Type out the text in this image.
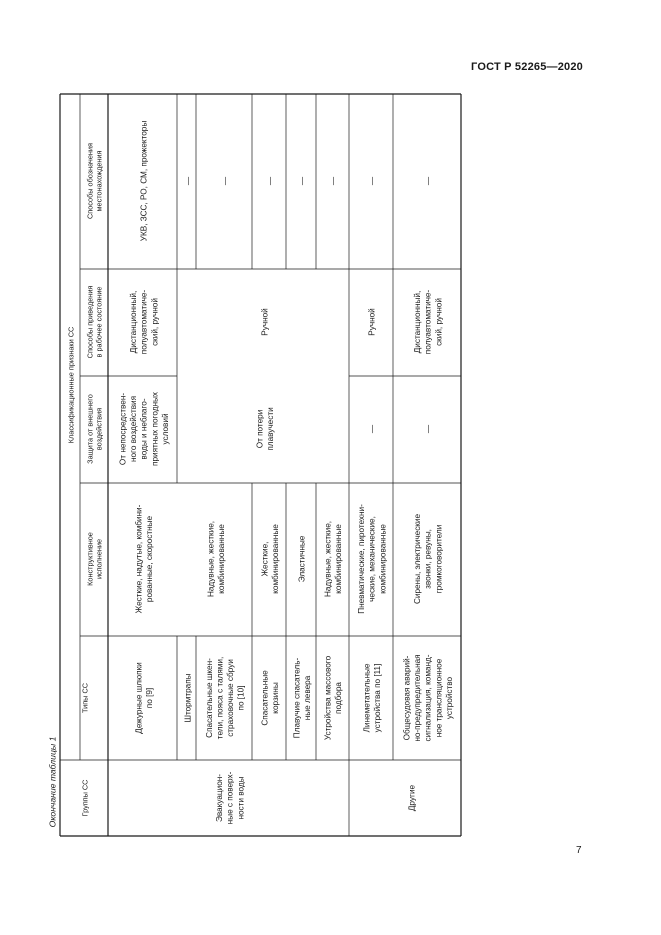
ГОСТ Р 52265—2020
7
Окончание таблицы 1	Группы СС
Типы СС
Классификационные признаки СС
Конструктивноеисполнение
Защита от внешнеговоздействия
Способы приведенияв рабочее состояние
Способы обозначенияместонахождения
Дежурные шлюпки по [9]
Жесткие, надутые, комбини- рованные, скоростные
От непосредствен- ного воздействия воды и неблаго- приятных погодных условий
Дистанционный, полуавтоматиче- ский, ручной
УКВ, ЗСС, РО, СМ, прожекторы
Штормтрапы
—
Эвакуацион- ные с поверх- ности воды
Надувные, жесткие, комбинированные
От потери плавучести
Ручной
Спасательные шкен- тели, пояса с талями, страховочные сбруи по [10]
—
Спасательные корзины
Жесткие, комбинированные
—
Плавучие спасатель- ные левера
Эластичные
—
Устройства массового подбора
Надувные, жесткие, комбинированные
—
Линеметательные устройства по [11]
Пневматические, пиротехни- ческие, механические, комбинированные
—
Ручной
—
Другие
Общесудовая аварий- но-предупредительная сигнализация, команд- ное трансляционное устройство
Сирены, электрические звонки, ревуны, громкоговорители
—
Дистанционный, полуавтоматиче- ский, ручной
—
